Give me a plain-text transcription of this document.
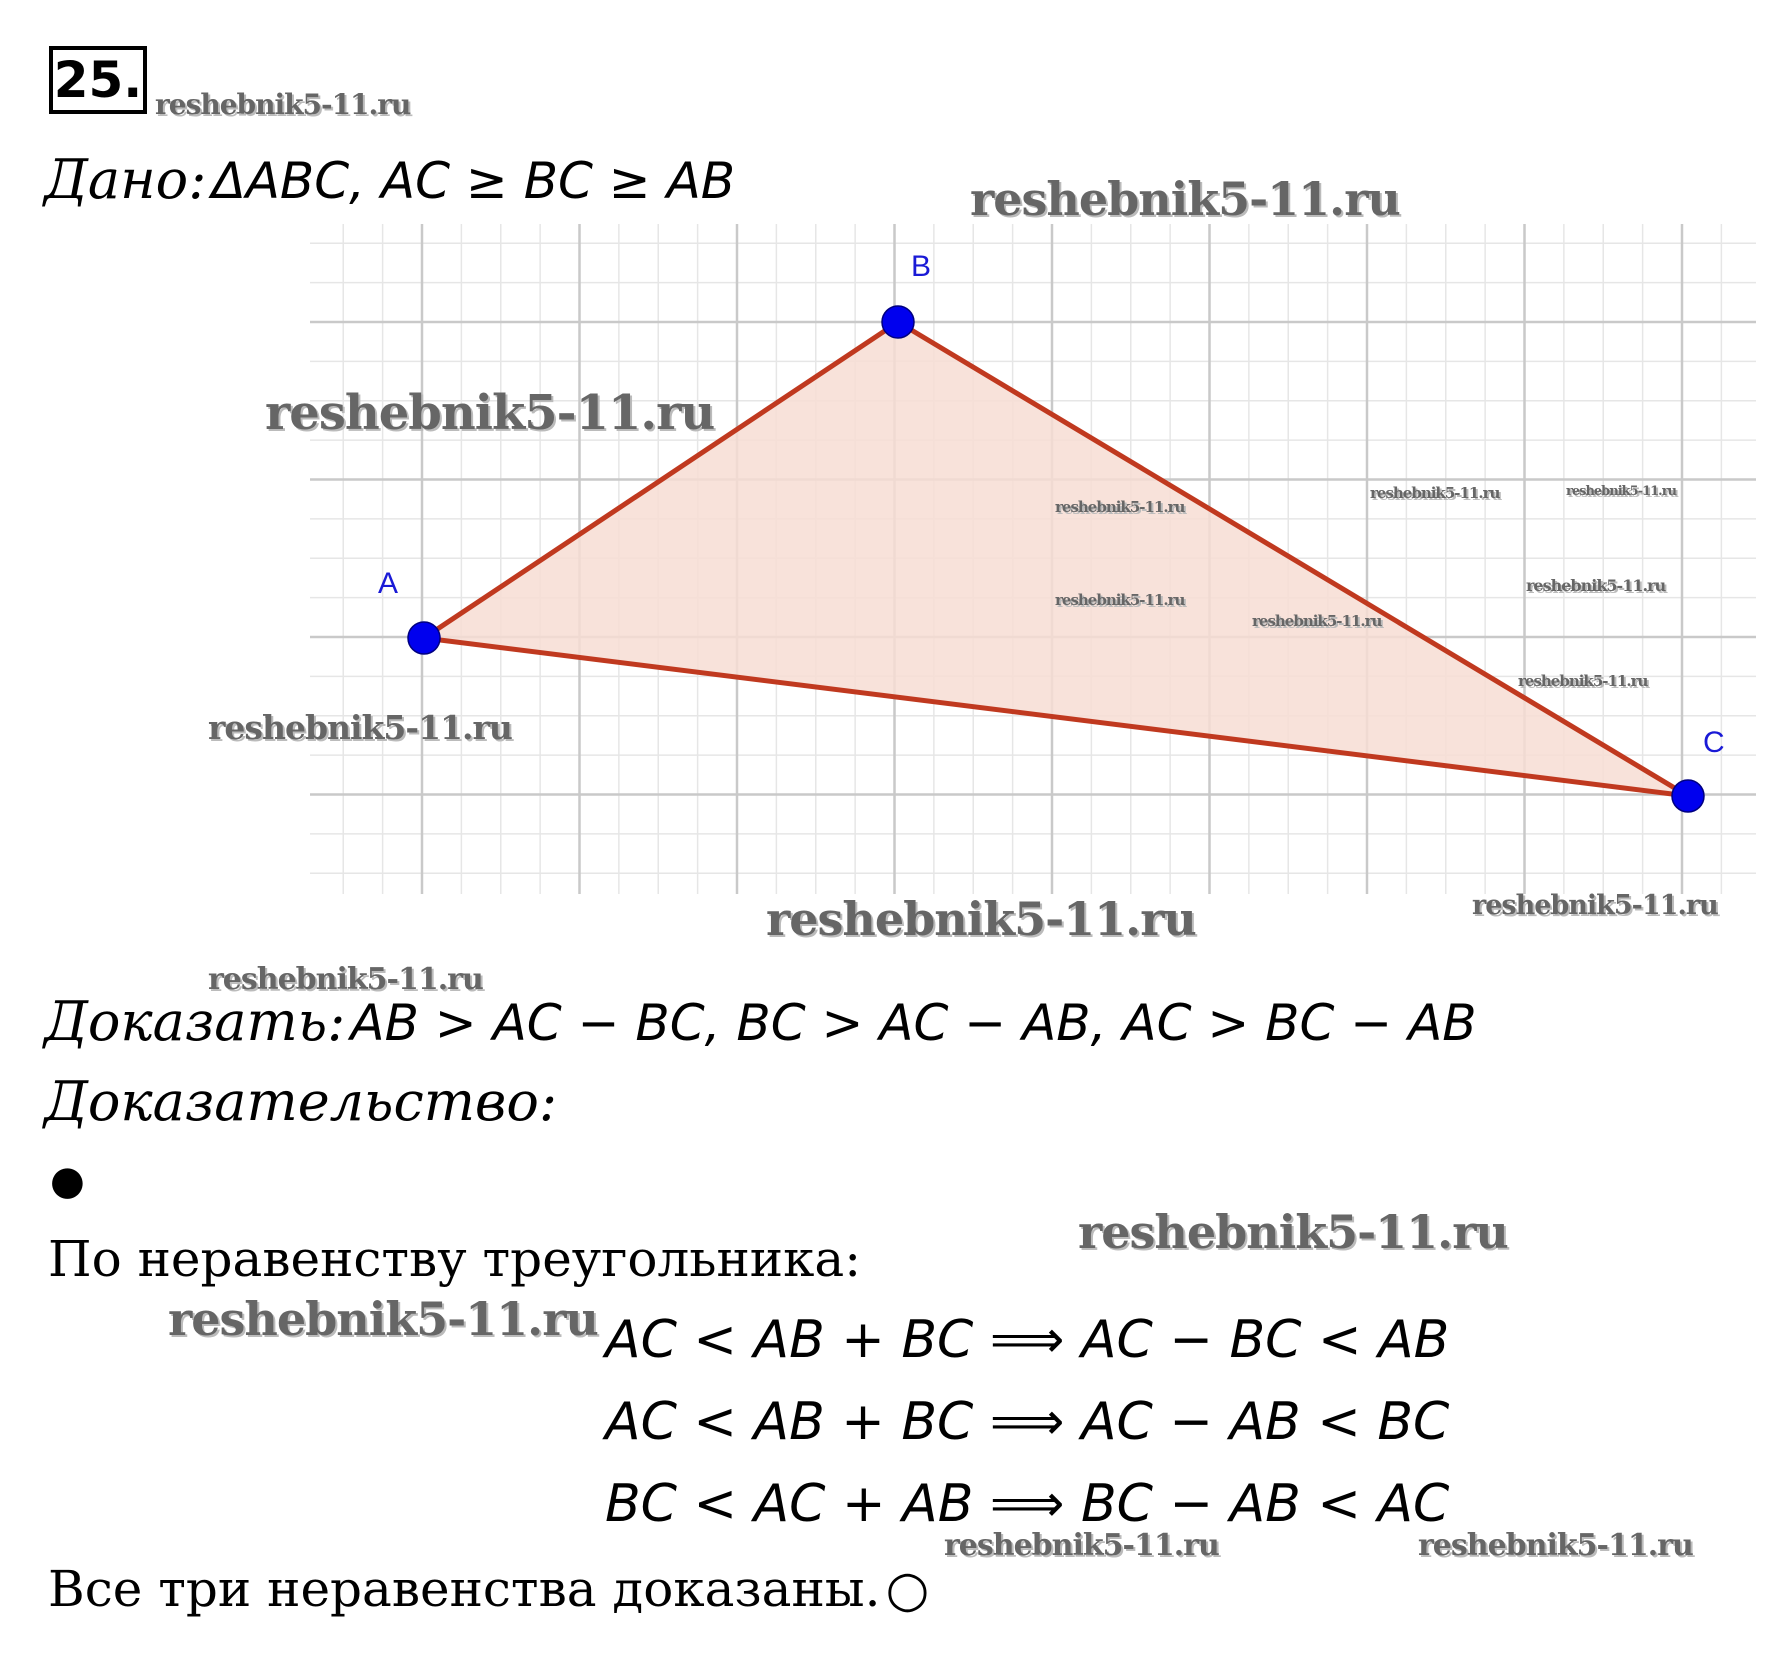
25. reshebnik5-11.ru
Дано: ΔABC, AC ≥ BC ≥ AB	reshebnik5-11.ru
A
B
C
reshebnik5-11.ru
reshebnik5-11.ru
reshebnik5-11.ru	reshebnik5-11.ru
reshebnik5-11.ru
reshebnik5-11.ru
reshebnik5-11.ru
reshebnik5-11.ru
reshebnik5-11.ru
reshebnik5-11.ru	reshebnik5-11.ru
reshebnik5-11.ru
Доказать: AB > AC − BC, BC > AC − AB, AC > BC − AB
Доказательство:
●
reshebnik5-11.ru
По неравенству треугольника:
reshebnik5-11.ru AC < AB + BC ⟹ AC − BC < AB
AC < AB + BC ⟹ AC − AB < BC
BC < AC + AB ⟹ BC − AB < AC
reshebnik5-11.ru	reshebnik5-11.ru
Все три неравенства доказаны. ○
